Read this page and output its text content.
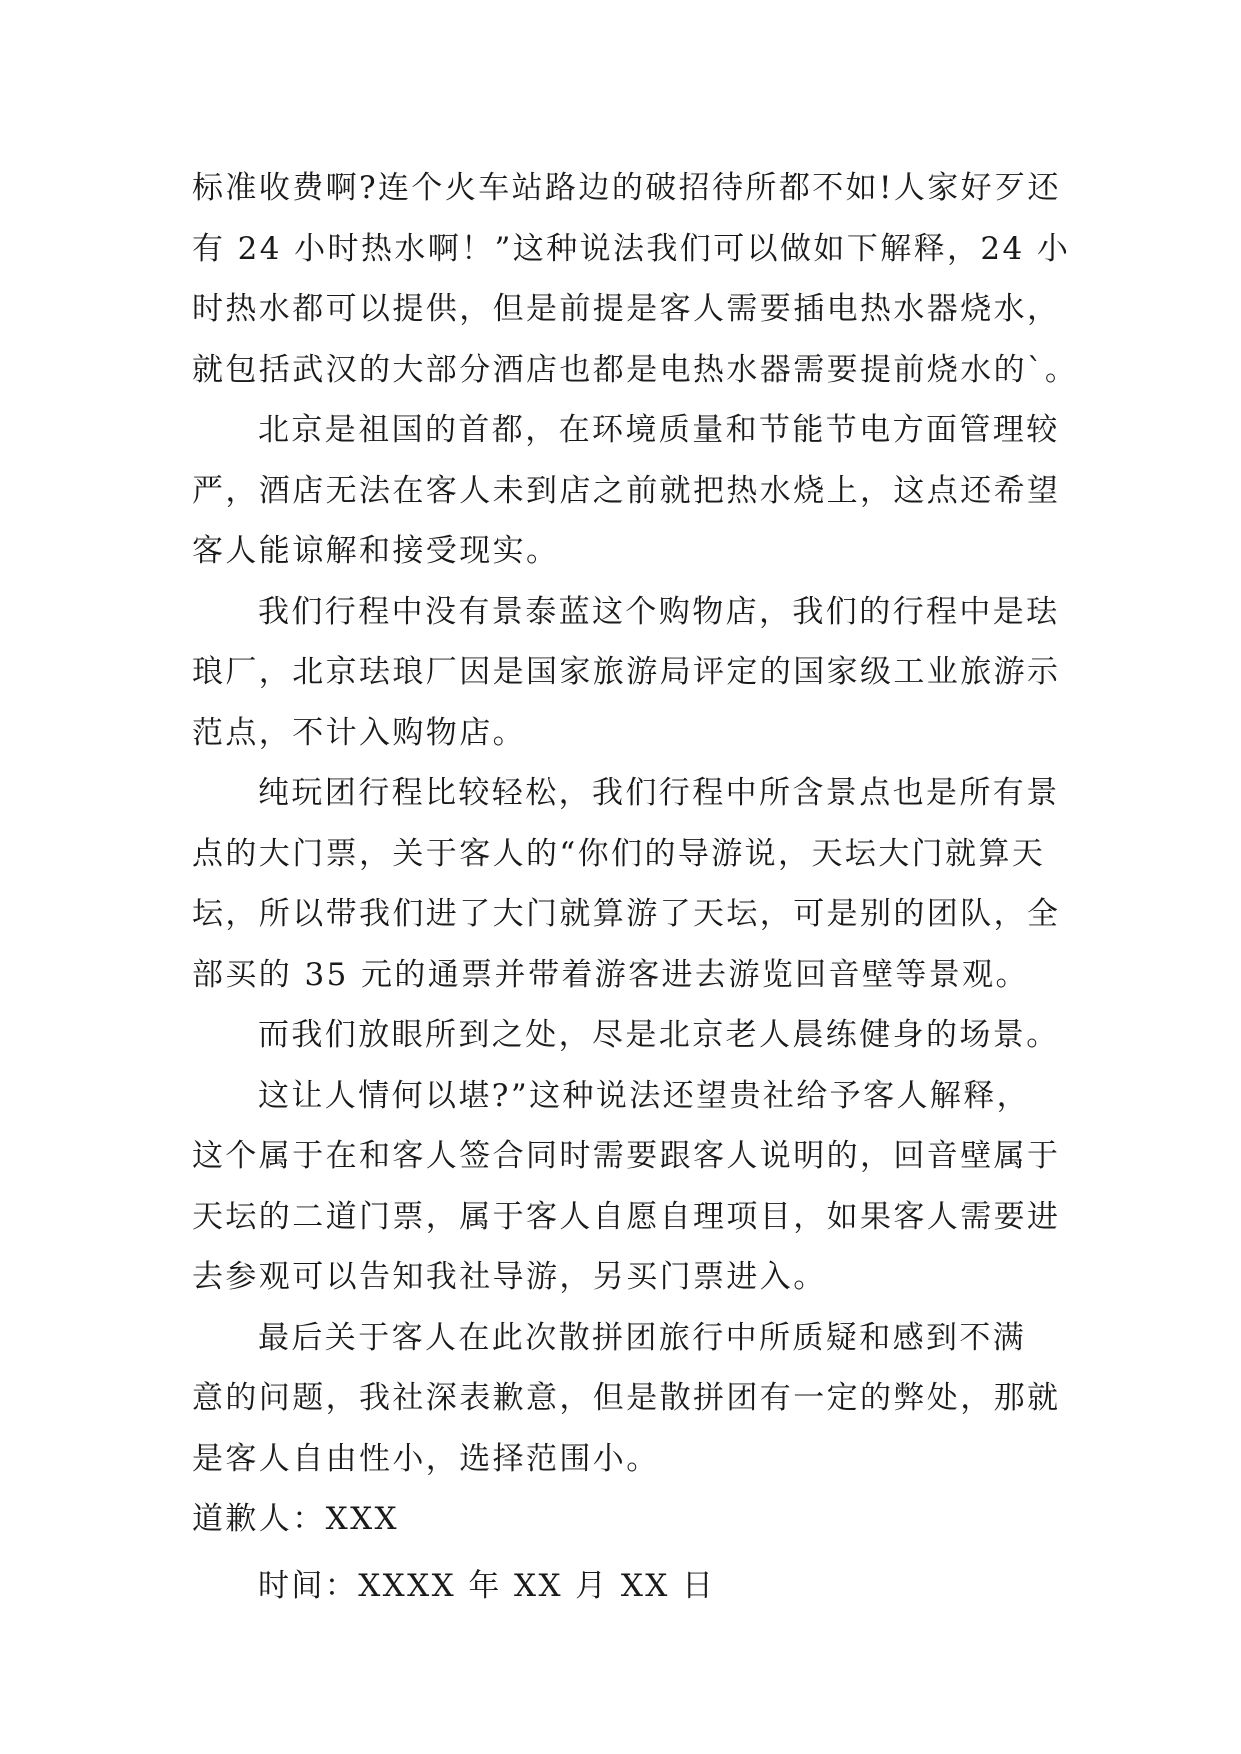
标准收费啊?连个火车站路边的破招待所都不如!人家好歹还
有 24 小时热水啊！”这种说法我们可以做如下解释，24 小
时热水都可以提供，但是前提是客人需要插电热水器烧水，
就包括武汉的大部分酒店也都是电热水器需要提前烧水的`。

北京是祖国的首都，在环境质量和节能节电方面管理较
严，酒店无法在客人未到店之前就把热水烧上，这点还希望
客人能谅解和接受现实。

我们行程中没有景泰蓝这个购物店，我们的行程中是珐
琅厂，北京珐琅厂因是国家旅游局评定的国家级工业旅游示
范点，不计入购物店。

纯玩团行程比较轻松，我们行程中所含景点也是所有景
点的大门票，关于客人的“你们的导游说，天坛大门就算天
坛，所以带我们进了大门就算游了天坛，可是别的团队，全
部买的 35 元的通票并带着游客进去游览回音壁等景观。

而我们放眼所到之处，尽是北京老人晨练健身的场景。

这让人情何以堪?”这种说法还望贵社给予客人解释，
这个属于在和客人签合同时需要跟客人说明的，回音壁属于
天坛的二道门票，属于客人自愿自理项目，如果客人需要进
去参观可以告知我社导游，另买门票进入。

最后关于客人在此次散拼团旅行中所质疑和感到不满
意的问题，我社深表歉意，但是散拼团有一定的弊处，那就
是客人自由性小，选择范围小。

道歉人：XXX

时间：XXXX 年 XX 月 XX 日
